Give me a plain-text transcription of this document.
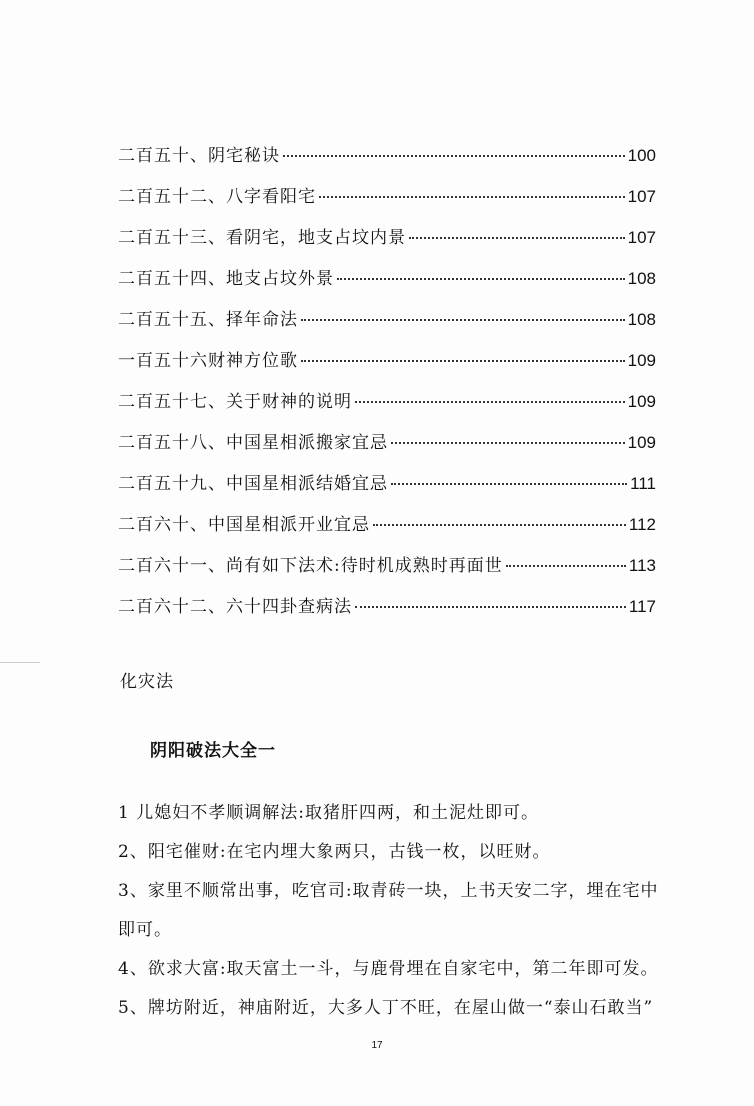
二百五十、阴宅秘诀	100
二百五十二、八字看阳宅	107
二百五十三、看阴宅，地支占坟内景	107
二百五十四、地支占坟外景	108
二百五十五、择年命法	108
一百五十六财神方位歌	109
二百五十七、关于财神的说明	109
二百五十八、中国星相派搬家宜忌	109
二百五十九、中国星相派结婚宜忌	111
二百六十、中国星相派开业宜忌	112
二百六十一、尚有如下法术:待时机成熟时再面世	113
二百六十二、六十四卦查病法	117
化灾法
阴阳破法大全一
1 儿媳妇不孝顺调解法:取猪肝四两，和土泥灶即可。
2、阳宅催财:在宅内埋大象两只，古钱一枚，以旺财。
3、家里不顺常出事，吃官司:取青砖一块，上书天安二字，埋在宅中即可。
4、欲求大富:取天富土一斗，与鹿骨埋在自家宅中，第二年即可发。
5、牌坊附近，神庙附近，大多人丁不旺，在屋山做一“泰山石敢当”
17
